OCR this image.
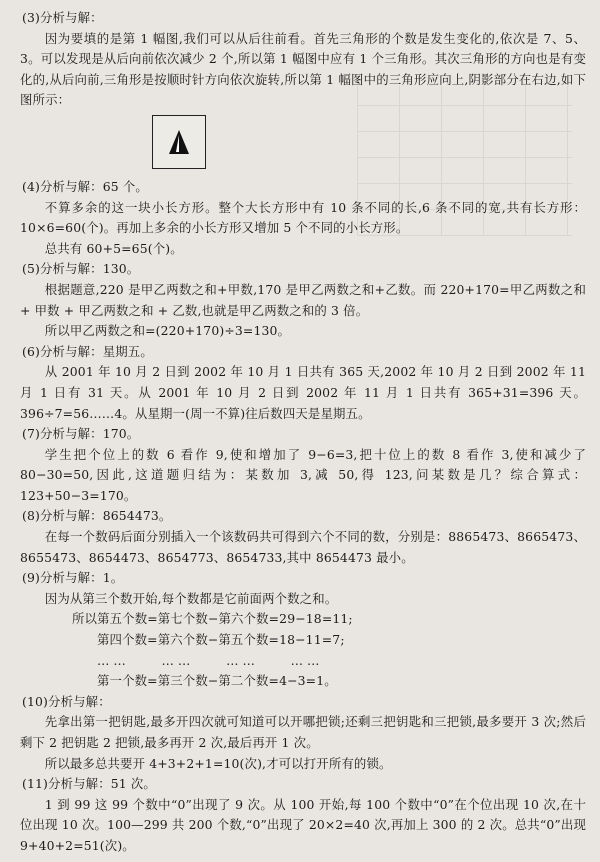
(3)分析与解：

因为要填的是第 1 幅图,我们可以从后往前看。首先三角形的个数是发生变化的,依次是 7、5、3。可以发现是从后向前依次减少 2 个,所以第 1 幅图中应有 1 个三角形。其次三角形的方向也是有变化的,从后向前,三角形是按顺时针方向依次旋转,所以第 1 幅图中的三角形应向上,阴影部分在右边,如下图所示：

(4)分析与解：65 个。

不算多余的这一块小长方形。整个大长方形中有 10 条不同的长,6 条不同的宽,共有长方形：10×6=60(个)。再加上多余的小长方形又增加 5 个不同的小长方形。

总共有 60+5=65(个)。

(5)分析与解：130。

根据题意,220 是甲乙两数之和+甲数,170 是甲乙两数之和+乙数。而 220+170=甲乙两数之和 + 甲数 + 甲乙两数之和 + 乙数,也就是甲乙两数之和的 3 倍。

所以甲乙两数之和=(220+170)÷3=130。

(6)分析与解：星期五。

从 2001 年 10 月 2 日到 2002 年 10 月 1 日共有 365 天,2002 年 10 月 2 日到 2002 年 11 月 1 日有 31 天。从 2001 年 10 月 2 日到 2002 年 11 月 1 日共有 365+31=396 天。396÷7=56……4。从星期一(周一不算)往后数四天是星期五。

(7)分析与解：170。

学生把个位上的数 6 看作 9,使和增加了 9−6=3,把十位上的数 8 看作 3,使和减少了 80−30=50,因此,这道题归结为：某数加 3,减 50,得 123,问某数是几？综合算式：123+50−3=170。

(8)分析与解：8654473。

在每一个数码后面分别插入一个该数码共可得到六个不同的数，分别是：8865473、8665473、8655473、8654473、8654773、8654733,其中 8654473 最小。

(9)分析与解：1。

因为从第三个数开始,每个数都是它前面两个数之和。

所以第五个数=第七个数−第六个数=29−18=11;

第四个数=第六个数−第五个数=18−11=7;

……    ……    ……    ……

第一个数=第三个数−第二个数=4−3=1。

(10)分析与解：

先拿出第一把钥匙,最多开四次就可知道可以开哪把锁;还剩三把钥匙和三把锁,最多要开 3 次;然后剩下 2 把钥匙 2 把锁,最多再开 2 次,最后再开 1 次。

所以最多总共要开 4+3+2+1=10(次),才可以打开所有的锁。

(11)分析与解：51 次。

1 到 99 这 99 个数中“0”出现了 9 次。从 100 开始,每 100 个数中“0”在个位出现 10 次,在十位出现 10 次。100—299 共 200 个数,“0”出现了 20×2=40 次,再加上 300 的 2 次。总共“0”出现 9+40+2=51(次)。
